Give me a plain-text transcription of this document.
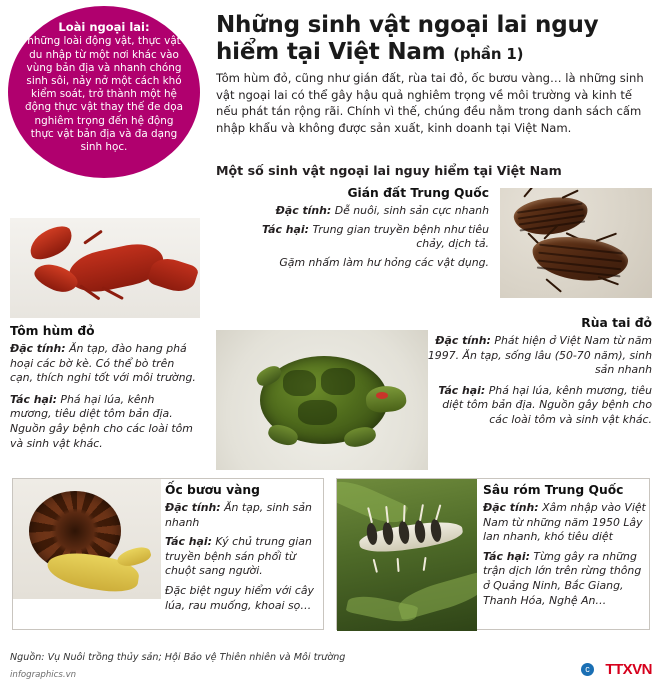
Loài ngoại lai:
những loài động vật, thực vật du nhập từ một nơi khác vào vùng bản địa và nhanh chóng sinh sôi, nảy nở một cách khó kiểm soát, trở thành một hệ động thực vật thay thế đe dọa nghiêm trọng đến hệ động thực vật bản địa và đa dạng sinh học.
Những sinh vật ngoại lai nguy hiểm tại Việt Nam (phần 1)
Tôm hùm đỏ, cũng như gián đất, rùa tai đỏ, ốc bươu vàng… là những sinh vật ngoại lai có thể gây hậu quả nghiêm trọng về môi trường và kinh tế nếu phát tán rộng rãi. Chính vì thế, chúng đều nằm trong danh sách cấm nhập khẩu và không được sản xuất, kinh doanh tại Việt Nam.
Một số sinh vật ngoại lai nguy hiểm tại Việt Nam
Gián đất Trung Quốc
Đặc tính: Dễ nuôi, sinh sản cực nhanh
Tác hại: Trung gian truyền bệnh như tiêu chảy, dịch tả.
Gặm nhấm làm hư hỏng các vật dụng.
Tôm hùm đỏ
Đặc tính: Ăn tạp, đào hang phá hoại các bờ kè. Có thể bò trên cạn, thích nghi tốt với môi trường.
Tác hại: Phá hại lúa, kênh mương, tiêu diệt tôm bản địa. Nguồn gây bệnh cho các loài tôm và sinh vật khác.
Rùa tai đỏ
Đặc tính: Phát hiện ở Việt Nam từ năm 1997. Ăn tạp, sống lâu (50-70 năm), sinh sản nhanh
Tác hại: Phá hại lúa, kênh mương, tiêu diệt tôm bản địa. Nguồn gây bệnh cho các loài tôm và sinh vật khác.
Ốc bươu vàng
Đặc tính: Ăn tạp, sinh sản nhanh
Tác hại: Ký chủ trung gian truyền bệnh sán phổi từ chuột sang người.
Đặc biệt nguy hiểm với cây lúa, rau muống, khoai sọ…
Sâu róm Trung Quốc
Đặc tính: Xâm nhập vào Việt Nam từ những năm 1950 Lây lan nhanh, khó tiêu diệt
Tác hại: Từng gây ra những trận dịch lớn trên rừng thông ở Quảng Ninh, Bắc Giang, Thanh Hóa, Nghệ An…
Nguồn: Vụ Nuôi trồng thủy sản; Hội Bảo vệ Thiên nhiên và Môi trường
infographics.vn
c TTXVN
